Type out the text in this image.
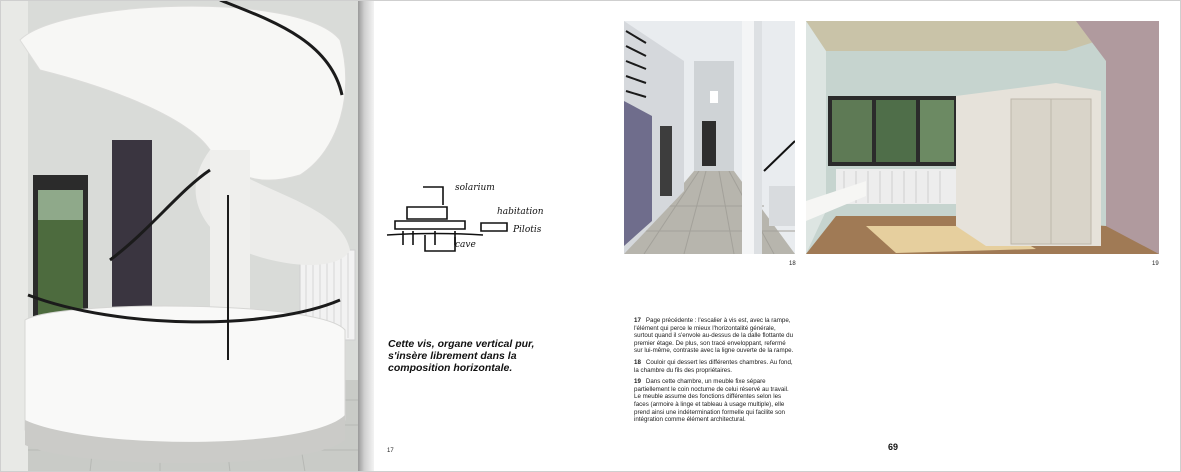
solarium
habitation
Pilotis
cave
Cette vis, organe vertical pur, s'insère librement dans la composition horizontale.
17
18	19

17 Page précédente : l'escalier à vis est, avec la rampe, l'élément qui perce le mieux l'horizontalité générale, surtout quand il s'envole au-dessus de la dalle flottante du premier étage. De plus, son tracé enveloppant, refermé sur lui-même, contraste avec la ligne ouverte de la rampe.

18 Couloir qui dessert les différentes chambres. Au fond, la chambre du fils des propriétaires.

19 Dans cette chambre, un meuble fixe sépare partiellement le coin nocturne de celui réservé au travail. Le meuble assume des fonctions différentes selon les faces (armoire à linge et tableau à usage multiple), elle prend ainsi une indétermination formelle qui facilite son intégration comme élément architectural.

69
